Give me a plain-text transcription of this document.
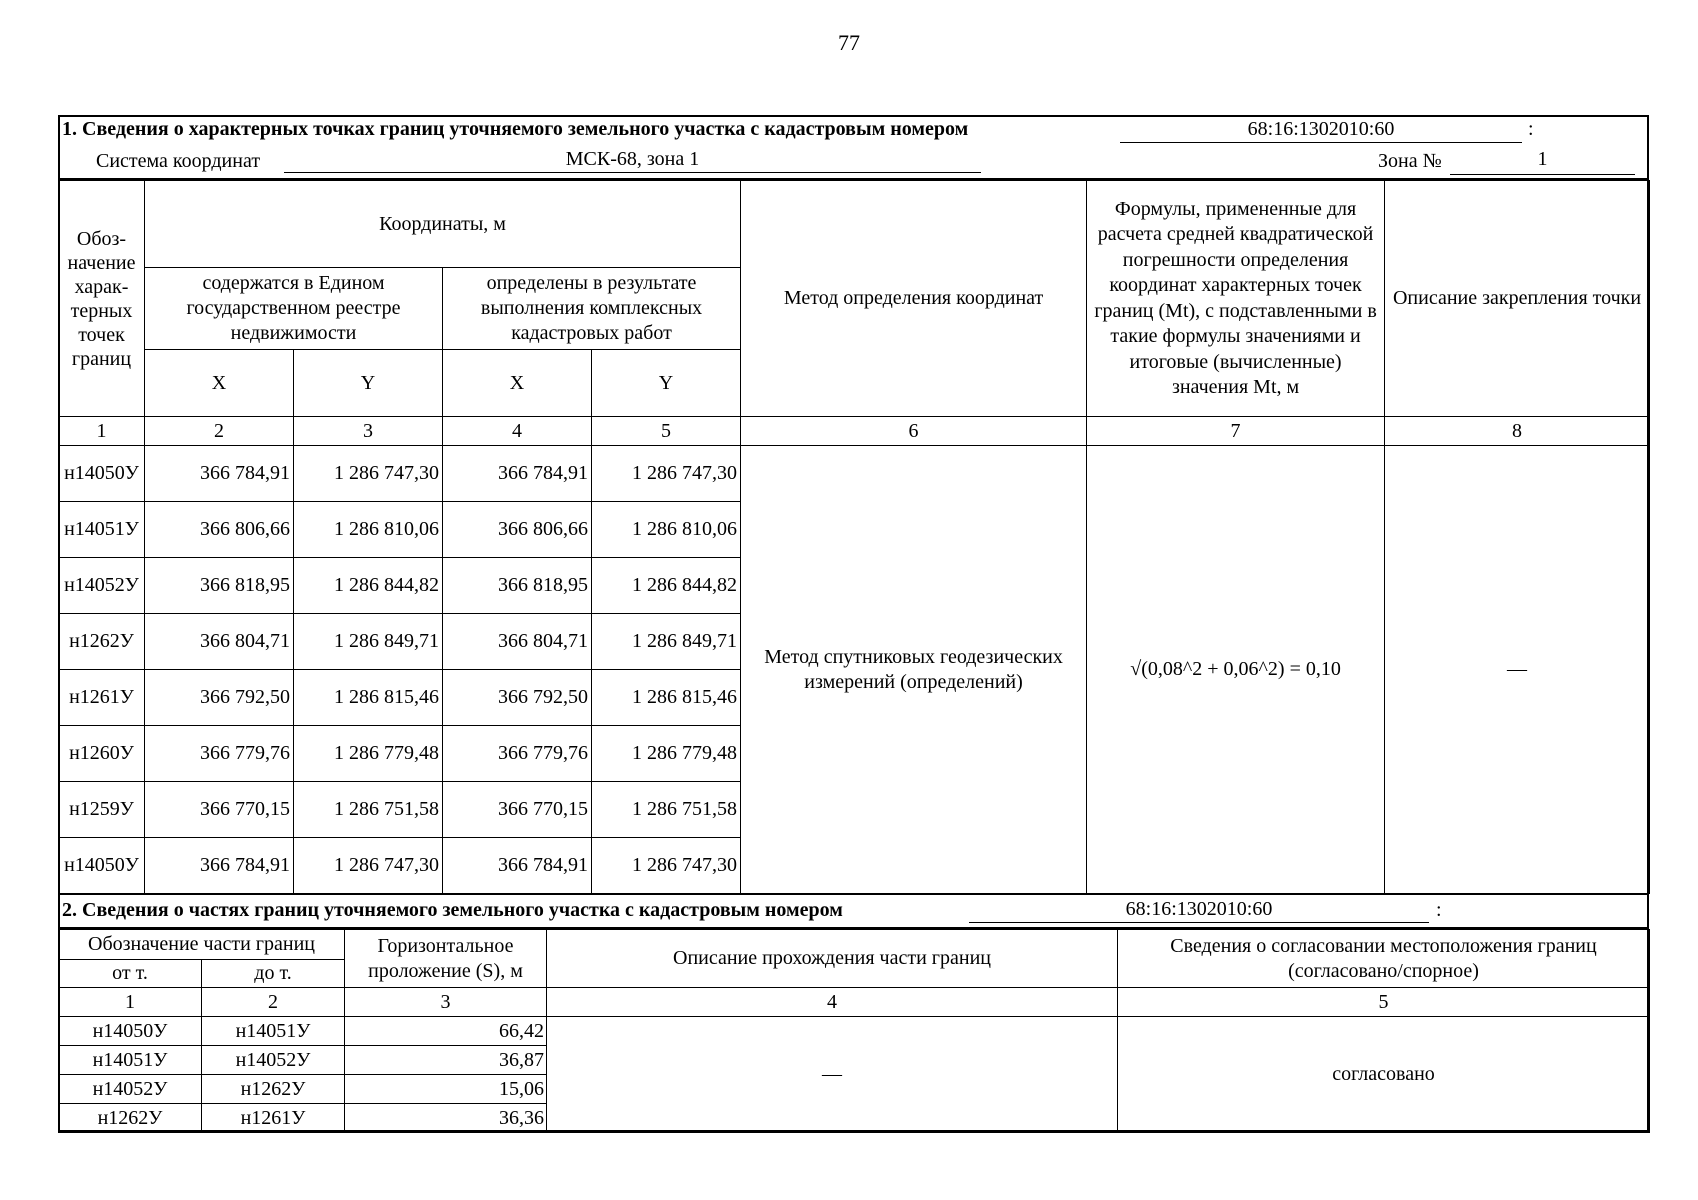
77
1. Сведения о характерных точках границ уточняемого земельного участка с кадастровым номером	68:16:1302010:60	:
Система координат	МСК-68, зона 1	Зона №	1
Обоз-начение харак-терных точек границ	Координаты, м				Метод определения координат	Формулы, примененные для расчета средней квадратической погрешности определения координат характерных точек границ (Mt), с подставленными в такие формулы значениями и итоговые (вычисленные) значения Mt, м	Описание закрепления точки
	содержатся в Едином государственном реестре недвижимости		определены в результате выполнения комплексных кадастровых работ				
	X	Y	X	Y			
1	2	3	4	5	6	7	8
н14050У	366 784,91	1 286 747,30	366 784,91	1 286 747,30	Метод спутниковых геодезических измерений (определений)	√(0,08^2 + 0,06^2) = 0,10	—
н14051У	366 806,66	1 286 810,06	366 806,66	1 286 810,06			
н14052У	366 818,95	1 286 844,82	366 818,95	1 286 844,82			
н1262У	366 804,71	1 286 849,71	366 804,71	1 286 849,71			
н1261У	366 792,50	1 286 815,46	366 792,50	1 286 815,46			
н1260У	366 779,76	1 286 779,48	366 779,76	1 286 779,48			
н1259У	366 770,15	1 286 751,58	366 770,15	1 286 751,58			
н14050У	366 784,91	1 286 747,30	366 784,91	1 286 747,30			
2. Сведения о частях границ уточняемого земельного участка с кадастровым номером	68:16:1302010:60	:
Обозначение части границ		Горизонтальное проложение (S), м	Описание прохождения части границ	Сведения о согласовании местоположения границ (согласовано/спорное)
от т.	до т.			
1	2	3	4	5
н14050У	н14051У	66,42	—	согласовано
н14051У	н14052У	36,87		
н14052У	н1262У	15,06		
н1262У	н1261У	36,36		
